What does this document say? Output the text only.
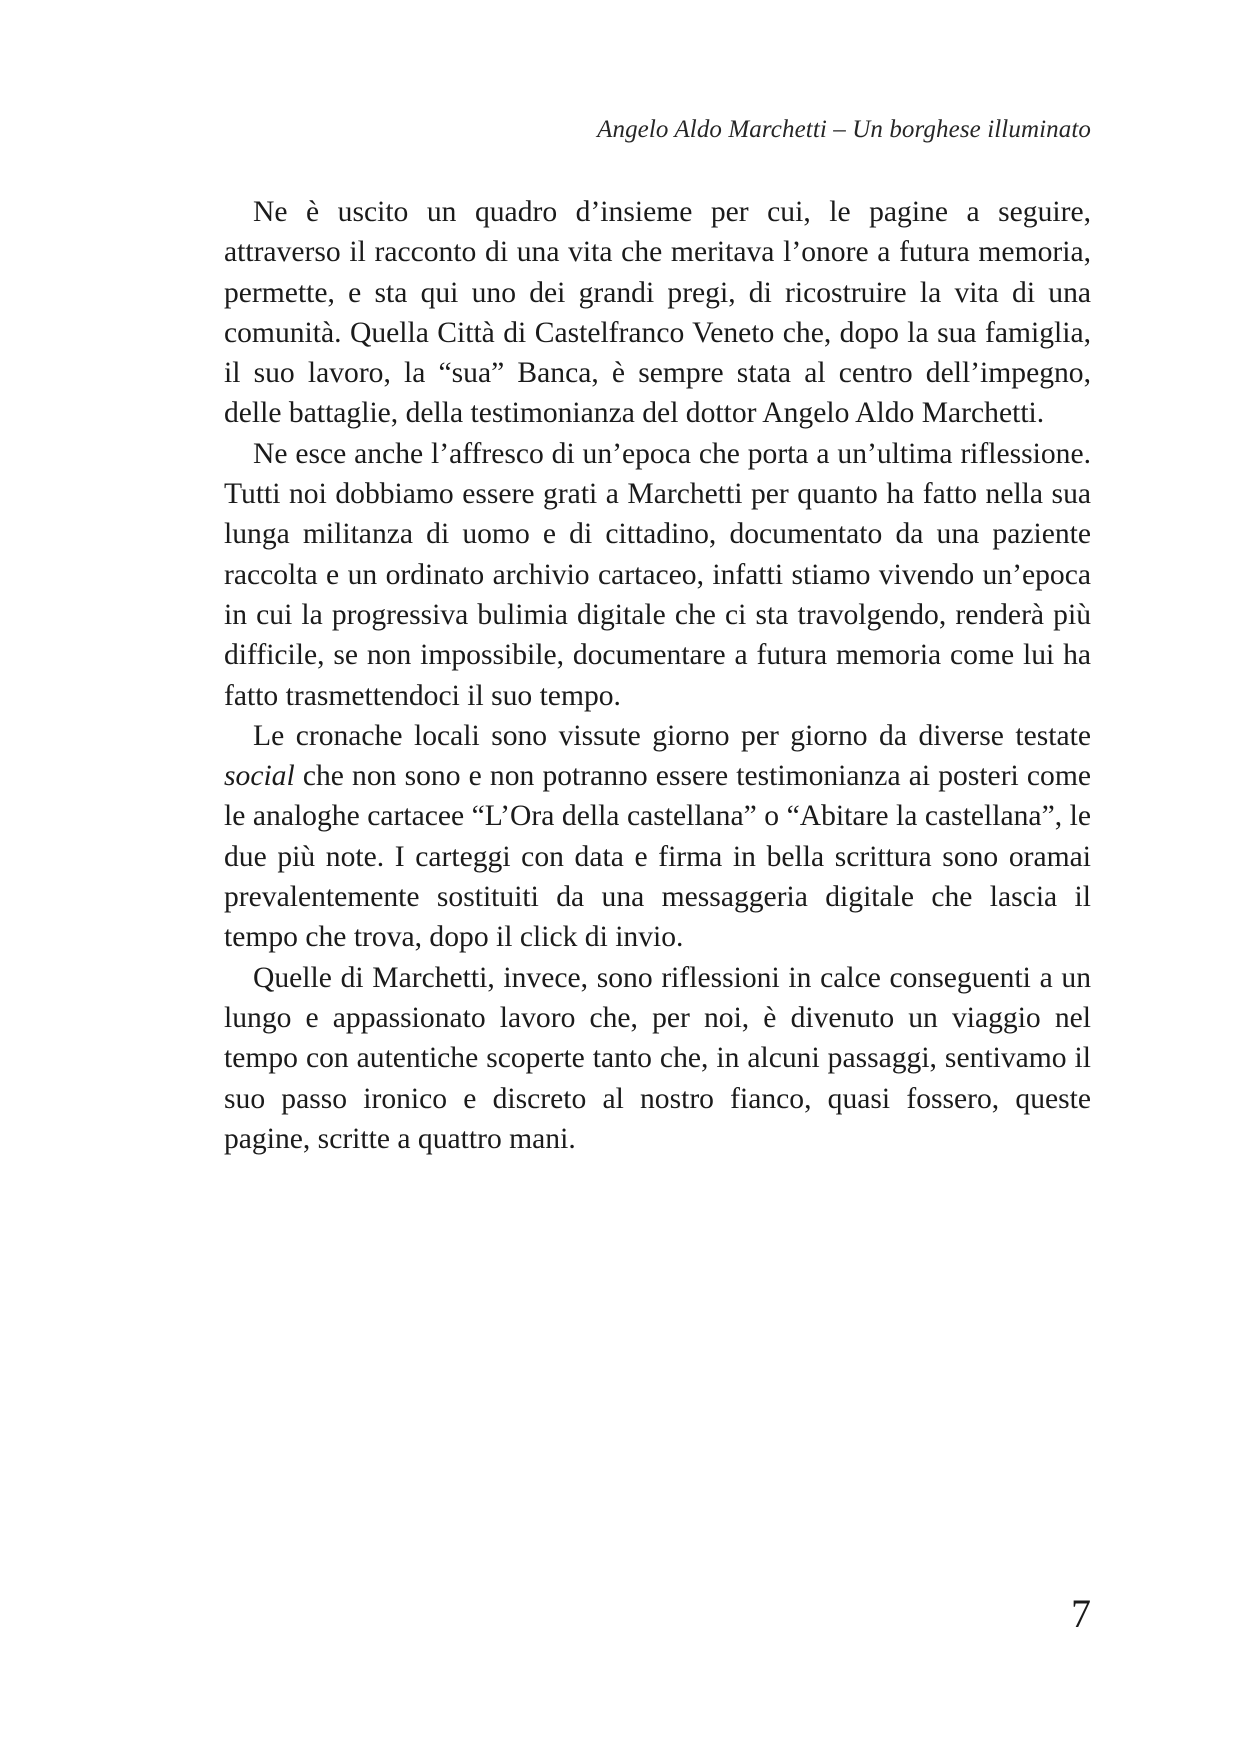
Angelo Aldo Marchetti – Un borghese illuminato

Ne è uscito un quadro d’insieme per cui, le pagine a seguire, attraverso il racconto di una vita che meritava l’onore a futura memoria, permette, e sta qui uno dei grandi pregi, di ricostruire la vita di una comunità. Quella Città di Castelfranco Veneto che, dopo la sua famiglia, il suo lavoro, la “sua” Banca, è sempre stata al centro dell’impegno, delle battaglie, della testimonianza del dottor Angelo Aldo Marchetti.

Ne esce anche l’affresco di un’epoca che porta a un’ultima riflessione. Tutti noi dobbiamo essere grati a Marchetti per quanto ha fatto nella sua lunga militanza di uomo e di cittadino, documentato da una paziente raccolta e un ordinato archivio cartaceo, infatti stiamo vivendo un’epoca in cui la progressiva bulimia digitale che ci sta travolgendo, renderà più difficile, se non impossibile, documentare a futura memoria come lui ha fatto trasmettendoci il suo tempo.

Le cronache locali sono vissute giorno per giorno da diverse testate social che non sono e non potranno essere testimonianza ai posteri come le analoghe cartacee “L’Ora della castellana” o “Abitare la castellana”, le due più note. I carteggi con data e firma in bella scrittura sono oramai prevalentemente sostituiti da una messaggeria digitale che lascia il tempo che trova, dopo il click di invio.

Quelle di Marchetti, invece, sono riflessioni in calce conseguenti a un lungo e appassionato lavoro che, per noi, è divenuto un viaggio nel tempo con autentiche scoperte tanto che, in alcuni passaggi, sentivamo il suo passo ironico e discreto al nostro fianco, quasi fossero, queste pagine, scritte a quattro mani.

7
